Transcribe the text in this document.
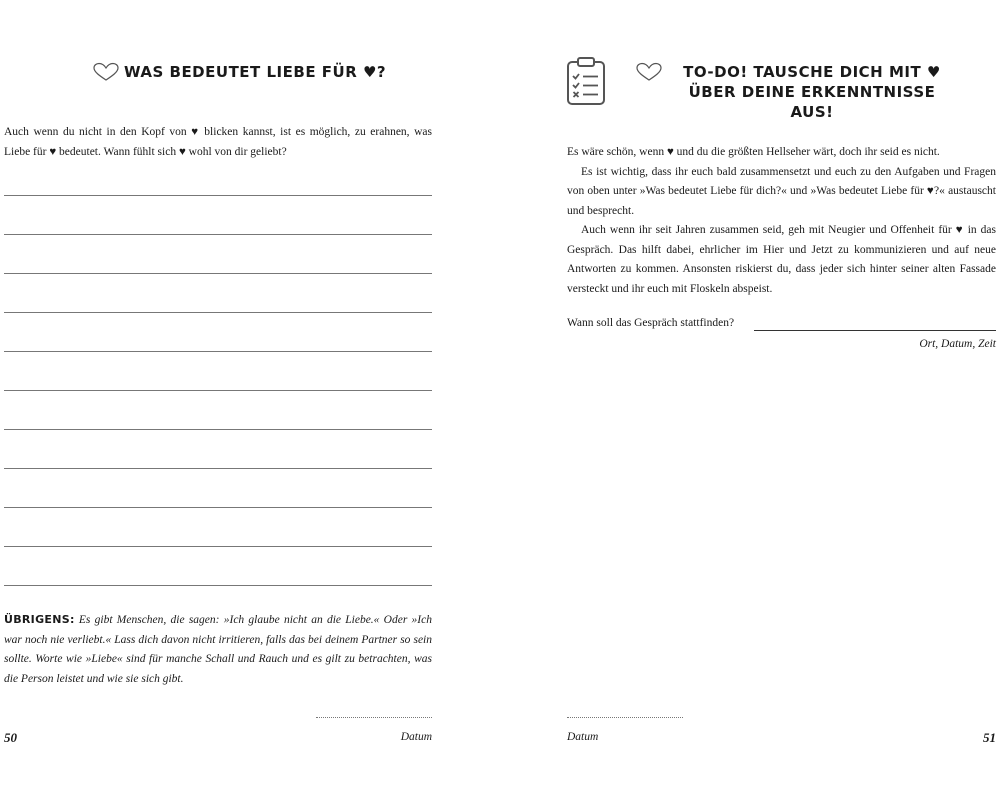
WAS BEDEUTET LIEBE FÜR ♥?
Auch wenn du nicht in den Kopf von ♥ blicken kannst, ist es möglich, zu erahnen, was Liebe für ♥ bedeutet. Wann fühlt sich ♥ wohl von dir geliebt?
ÜBRIGENS: Es gibt Menschen, die sagen: »Ich glaube nicht an die Liebe.« Oder »Ich war noch nie verliebt.« Lass dich davon nicht irritieren, falls das bei deinem Partner so sein sollte. Worte wie »Liebe« sind für manche Schall und Rauch und es gilt zu betrachten, was die Person leistet und wie sie sich gibt.
50	Datum
TO-DO! TAUSCHE DICH MIT ♥ ÜBER DEINE ERKENNTNISSE AUS!

Es wäre schön, wenn ♥ und du die größten Hellseher wärt, doch ihr seid es nicht.

Es ist wichtig, dass ihr euch bald zusammensetzt und euch zu den Aufgaben und Fragen von oben unter »Was bedeutet Liebe für dich?« und »Was bedeutet Liebe für ♥?« austauscht und besprecht.

Auch wenn ihr seit Jahren zusammen seid, geh mit Neugier und Offenheit für ♥ in das Gespräch. Das hilft dabei, ehrlicher im Hier und Jetzt zu kommunizieren und auf neue Antworten zu kommen. Ansonsten riskierst du, dass jeder sich hinter seiner alten Fassade versteckt und ihr euch mit Floskeln abspeist.

Wann soll das Gespräch stattfinden?
Ort, Datum, Zeit
Datum	51
